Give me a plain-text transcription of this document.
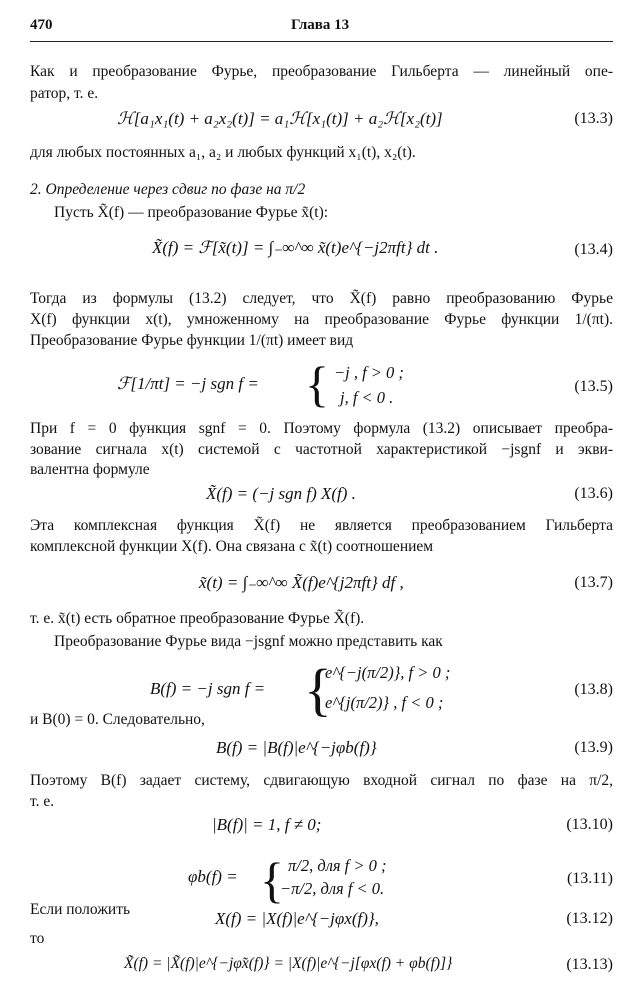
470	Глава 13
Как и преобразование Фурье, преобразование Гильберта — линейный опе-
ратор, т. е.
ℋ[a₁x₁(t) + a₂x₂(t)] = a₁ℋ[x₁(t)] + a₂ℋ[x₂(t)]	(13.3)
для любых постоянных a₁, a₂ и любых функций x₁(t), x₂(t).
2. Определение через сдвиг по фазе на π/2
Пусть X̃(f) — преобразование Фурье x̃(t):
X̃(f) = ℱ[x̃(t)] = ∫₋∞^∞ x̃(t)e^{−j2πft} dt .	(13.4)
Тогда из формулы (13.2) следует, что X̃(f) равно преобразованию Фурье
X(f) функции x(t), умноженному на преобразование Фурье функции 1/(πt).
Преобразование Фурье функции 1/(πt) имеет вид
ℱ[1/πt] = −j sgn f = { −j , f > 0 ;
j, f < 0 .
(13.5)
При f = 0 функция sgnf = 0. Поэтому формула (13.2) описывает преобра-
зование сигнала x(t) системой с частотной характеристикой −jsgnf и экви-
валентна формуле
X̃(f) = (−j sgn f) X(f) .	(13.6)
Эта комплексная функция X̃(f) не является преобразованием Гильберта
комплексной функции X(f). Она связана с x̃(t) соотношением
x̃(t) = ∫₋∞^∞ X̃(f)e^{j2πft} df ,	(13.7)
т. е. x̃(t) есть обратное преобразование Фурье X̃(f).
Преобразование Фурье вида −jsgnf можно представить как
B(f) = −j sgn f = {
e^{−j(π/2)}, f > 0 ;
e^{j(π/2)} , f < 0 ;
(13.8)
и B(0) = 0. Следовательно,
B(f) = |B(f)|e^{−jφb(f)}	(13.9)
Поэтому B(f) задает систему, сдвигающую входной сигнал по фазе на π/2,
т. е.
|B(f)| = 1, f ≠ 0;	(13.10)
φb(f) = { π/2, для f > 0 ;
−π/2, для f < 0.
(13.11)
Если положить	X(f) = |X(f)|e^{−jφx(f)},	(13.12)
то
X̃(f) = |X̃(f)|e^{−jφ̃x(f)} = |X(f)|e^{−j[φx(f) + φb(f)]}	(13.13)
